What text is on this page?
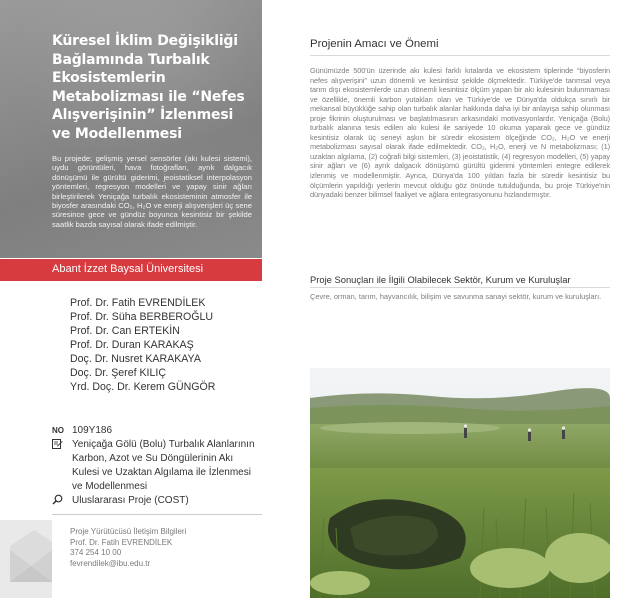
Küresel İklim Değişikliği Bağlamında Turbalık Ekosistemlerin Metabolizması ile “Nefes Alışverişinin” İzlenmesi ve Modellenmesi
Bu projede; gelişmiş yersel sensörler (akı kulesi sistemi), uydu görüntüleri, hava fotoğrafları, ayrık dalgacık dönüşümü ile gürültü giderimi, jeoistatiksel interpolasyon yöntemleri, regresyon modelleri ve yapay sinir ağları birleştirilerek Yeniçağa turbalık ekosisteminin atmosfer ile biyosfer arasındaki CO₂, H₂O ve enerji alışverişleri üç sene süresince gece ve gündüz boyunca kesintisiz bir şekilde saatlik bazda sayısal olarak ifade edilmiştir.
Abant İzzet Baysal Üniversitesi
Prof. Dr. Fatih EVRENDİLEK
Prof. Dr. Süha BERBEROĞLU
Prof. Dr. Can ERTEKİN
Prof. Dr. Duran KARAKAŞ
Doç. Dr. Nusret KARAKAYA
Doç. Dr. Şeref KILIÇ
Yrd. Doç. Dr. Kerem GÜNGÖR
NO 109Y186
Yeniçağa Gölü (Bolu) Turbalık Alanlarının Karbon, Azot ve Su Döngülerinin Akı Kulesi ve Uzaktan Algılama ile İzlenmesi ve Modellenmesi
Uluslararası Proje (COST)
Proje Yürütücüsü İletişim Bilgileri
Prof. Dr. Fatih EVRENDİLEK
374 254 10 00
fevrendilek@ibu.edu.tr
Projenin Amacı ve Önemi
Günümüzde 500'ün üzerinde akı kulesi farklı kıtalarda ve ekosistem tiplerinde “biyosferin nefes alışverişini” uzun dönemli ve kesintisiz şekilde ölçmektedir. Türkiye'de tarımsal veya tarım dışı ekosistemlerde uzun dönemli kesintisiz ölçüm yapan bir akı kulesinin bulunmaması ve özellikle, önemli karbon yutakları olan ve Türkiye'de ve Dünya'da oldukça sınırlı bir mekansal büyüklüğe sahip olan turbalık alanlar hakkında daha iyi bir anlayışa sahip olunması proje fikrinin oluşturulması ve başlatılmasının arkasındaki motivasyonlardır. Yeniçağa (Bolu) turbalık alanına tesis edilen akı kulesi ile saniyede 10 okuma yaparak gece ve gündüz kesintisiz olarak üç seneyi aşkın bir süredir ekosistem ölçeğinde CO₂, H₂O ve enerji metabolizması sayısal olarak ifade edilmektedir. CO₂, H₂O, enerji ve N metabolizması; (1) uzaktan algılama, (2) coğrafi bilgi sistemleri, (3) jeoistatistik, (4) regresyon modelleri, (5) yapay sinir ağları ve (6) ayrık dalgacık dönüşümü gürültü giderimi yöntemleri entegre edilerek izlenmiş ve modellenmiştir. Ayrıca, Dünya'da 100 yıldan fazla bir süredir kesintisiz bu ölçümlerin yapıldığı yerlerin mevcut olduğu göz önünde tutulduğunda, bu proje Türkiye'nin dünyadaki benzer bilimsel faaliyet ve ağlara entegrasyonunu hızlandırmıştır.
Proje Sonuçları ile İlgili Olabilecek Sektör, Kurum ve Kuruluşlar
Çevre, orman, tarım, hayvancılık, bilişim ve savunma sanayi sektör, kurum ve kuruluşları.
